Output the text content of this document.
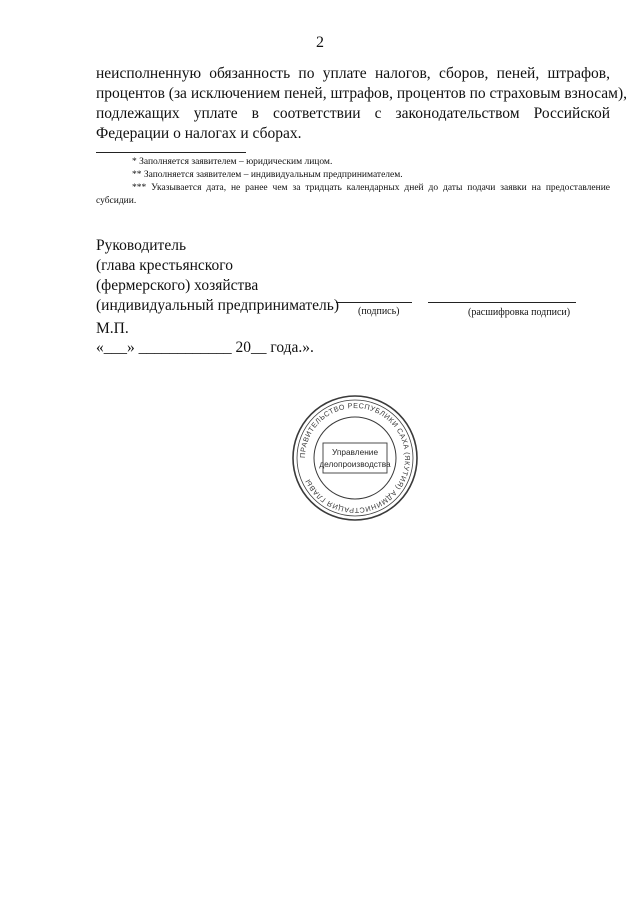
2
неисполненную обязанность по уплате налогов, сборов, пеней, штрафов,
процентов (за исключением пеней, штрафов, процентов по страховым взносам),
подлежащих уплате в соответствии с законодательством Российской
Федерации о налогах и сборах.
* Заполняется заявителем – юридическим лицом.
** Заполняется заявителем – индивидуальным предпринимателем.
*** Указывается дата, не ранее чем за тридцать календарных дней до даты подачи заявки на предоставление субсидии.
Руководитель
(глава крестьянского
(фермерского) хозяйства
(индивидуальный предприниматель) (подпись)	(расшифровка подписи)
М.П.
«___» ____________ 20__ года.».
ПРАВИТЕЛЬСТВО РЕСПУБЛИКИ САХА (ЯКУТИЯ) АДМИНИСТРАЦИЯ ГЛАВЫ
Управление
делопроизводства
